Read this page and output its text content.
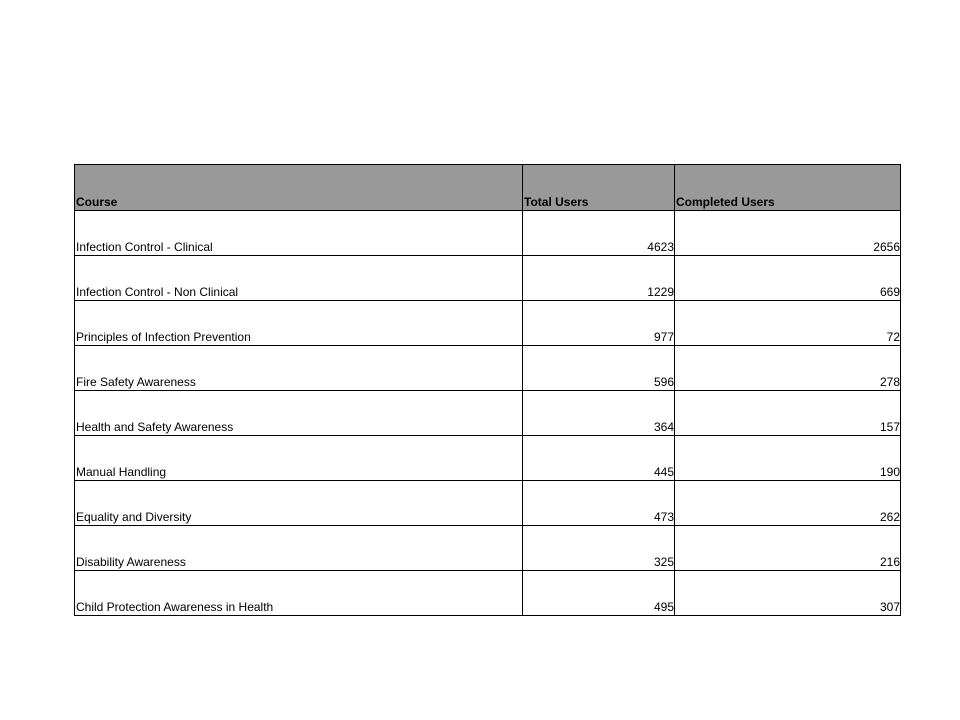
Course	Total Users	Completed Users
Infection Control - Clinical	4623	2656
Infection Control - Non Clinical	1229	669
Principles of Infection Prevention	977	72
Fire Safety Awareness	596	278
Health and Safety Awareness	364	157
Manual Handling	445	190
Equality and Diversity	473	262
Disability Awareness	325	216
Child Protection Awareness in Health	495	307
